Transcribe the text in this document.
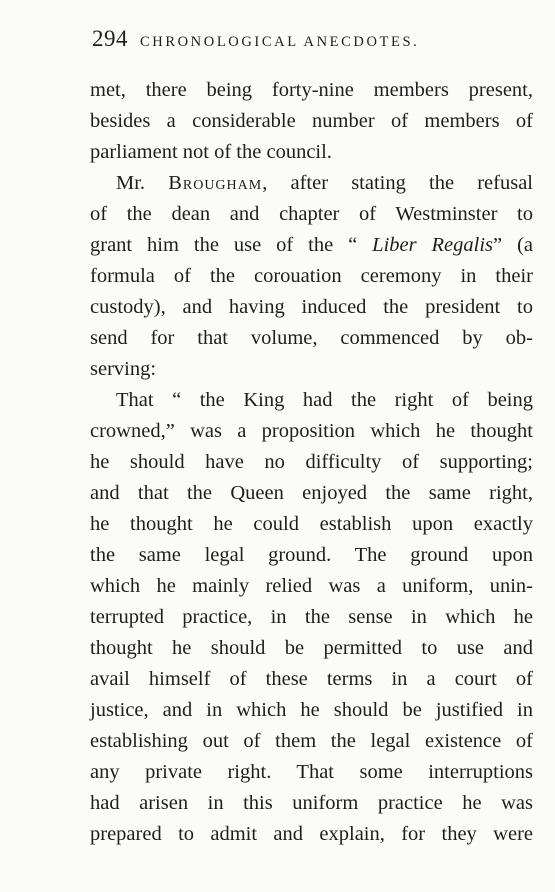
294 CHRONOLOGICAL ANECDOTES.
met, there being forty-nine members present,
besides a considerable number of members of
parliament not of the council.
Mr. Brougham, after stating the refusal
of the dean and chapter of Westminster to
grant him the use of the “ Liber Regalis” (a
formula of the corouation ceremony in their
custody), and having induced the president to
send for that volume, commenced by ob-
serving:
That “ the King had the right of being
crowned,” was a proposition which he thought
he should have no difficulty of supporting;
and that the Queen enjoyed the same right,
he thought he could establish upon exactly
the same legal ground. The ground upon
which he mainly relied was a uniform, unin-
terrupted practice, in the sense in which he
thought he should be permitted to use and
avail himself of these terms in a court of
justice, and in which he should be justified in
establishing out of them the legal existence of
any private right. That some interruptions
had arisen in this uniform practice he was
prepared to admit and explain, for they were
